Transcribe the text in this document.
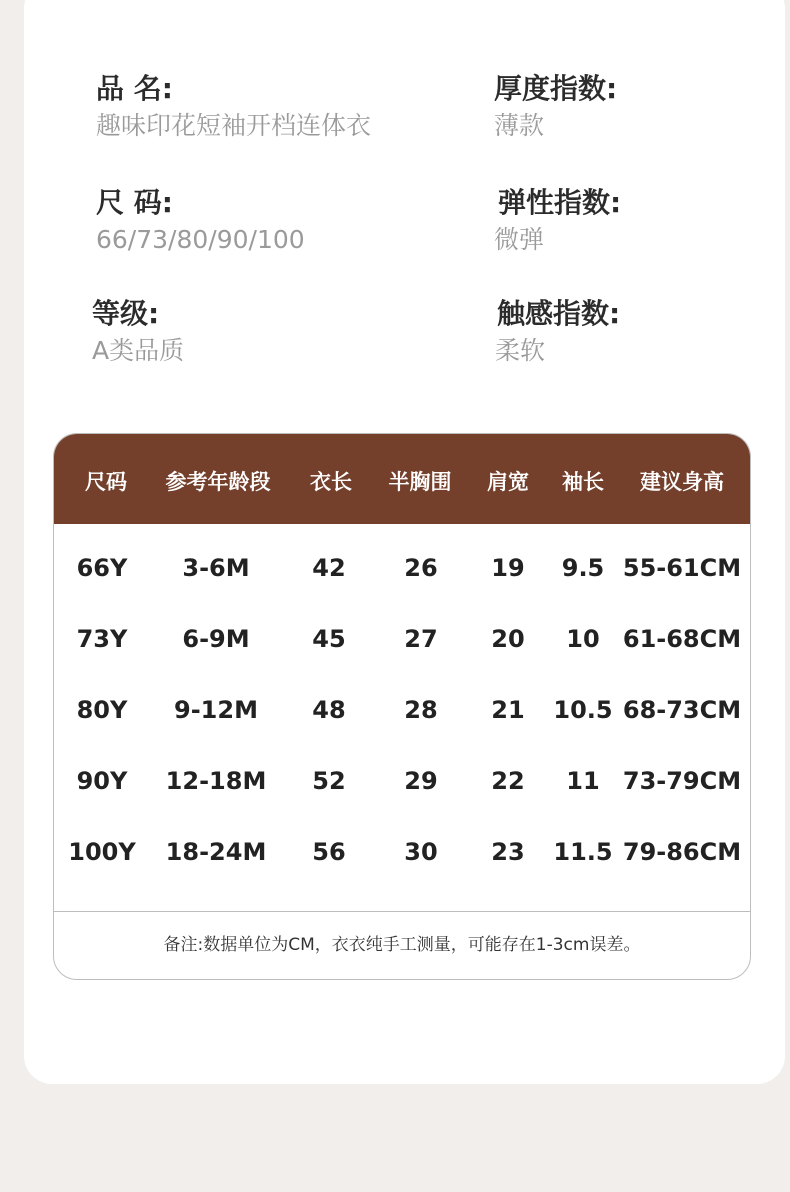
品 名:
趣味印花短袖开档连体衣
厚度指数:
薄款
尺 码:
66/73/80/90/100
弹性指数:
微弹
等级:
A类品质
触感指数:
柔软
尺码 参考年龄段 衣长 半胸围 肩宽 袖长 建议身高
66Y 3-6M	42 26 19 9.5 55-61CM
73Y 6-9M	45 27 20 10 61-68CM
80Y 9-12M 48 28 21 10.5 68-73CM
90Y 12-18M 52 29 22 11 73-79CM
100Y 18-24M 56 30 23 11.5 79-86CM
备注:数据单位为CM，衣衣纯手工测量，可能存在1-3cm误差。
